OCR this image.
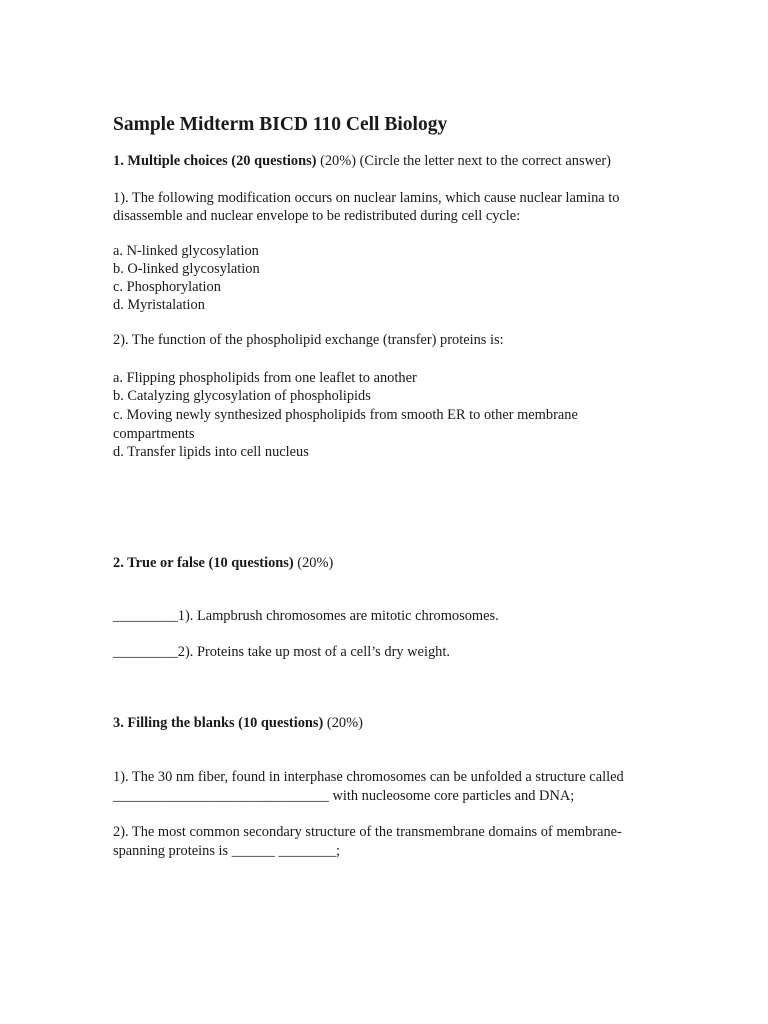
Sample Midterm BICD 110 Cell Biology
1. Multiple choices (20 questions) (20%) (Circle the letter next to the correct answer)
1). The following modification occurs on nuclear lamins, which cause nuclear lamina to
disassemble and nuclear envelope to be redistributed during cell cycle:
a. N-linked glycosylation
b. O-linked glycosylation
c. Phosphorylation
d. Myristalation
2). The function of the phospholipid exchange (transfer) proteins is:
a. Flipping phospholipids from one leaflet to another
b. Catalyzing glycosylation of phospholipids
c. Moving newly synthesized phospholipids from smooth ER to other membrane
compartments
d. Transfer lipids into cell nucleus
2. True or false (10 questions) (20%)
_________1). Lampbrush chromosomes are mitotic chromosomes.
_________2). Proteins take up most of a cell’s dry weight.
3. Filling the blanks (10 questions) (20%)
1). The 30 nm fiber, found in interphase chromosomes can be unfolded a structure called
______________________________ with nucleosome core particles and DNA;
2). The most common secondary structure of the transmembrane domains of membrane-
spanning proteins is ______ ________;
